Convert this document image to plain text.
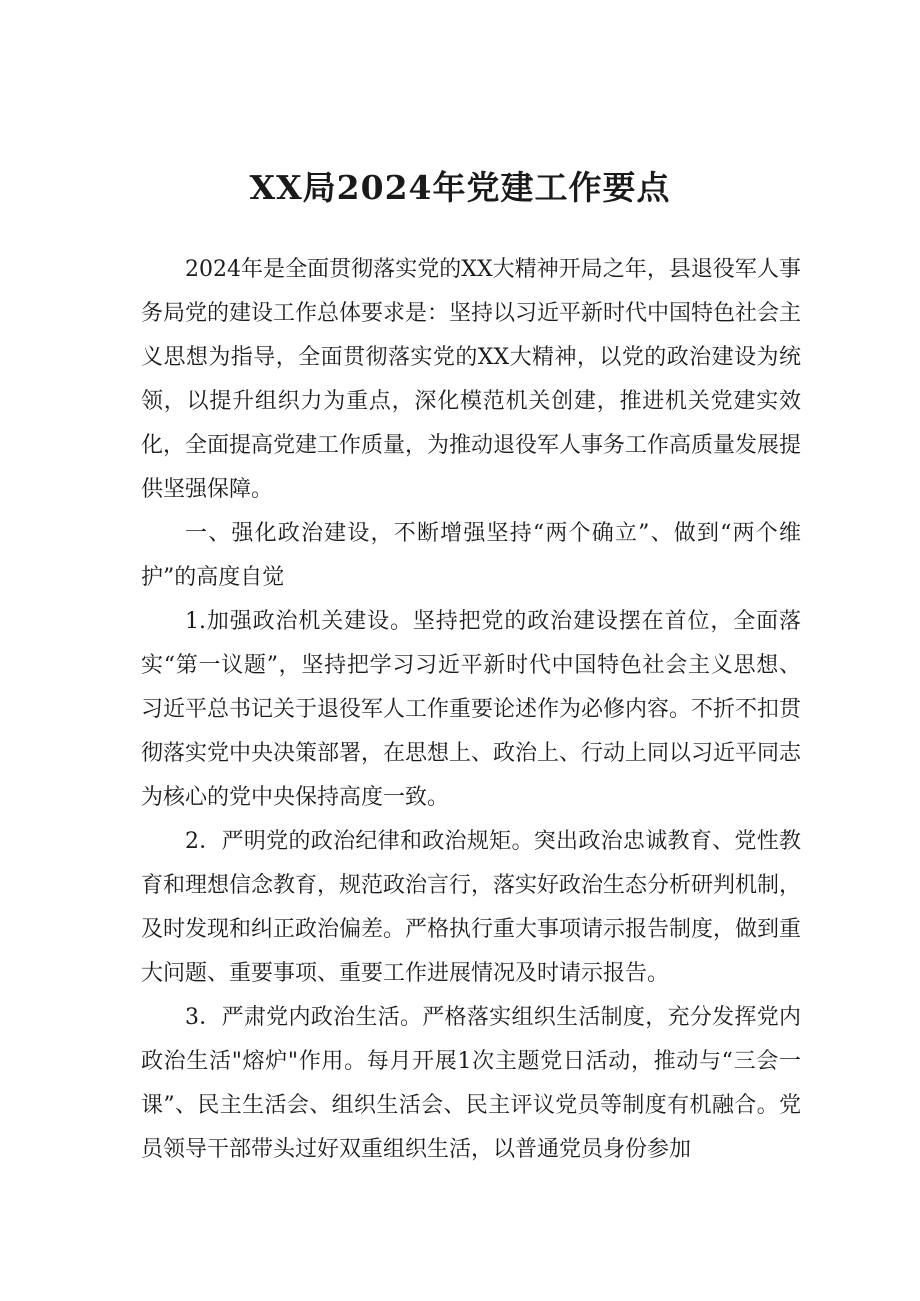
XX局2024年党建工作要点

2024年是全面贯彻落实党的XX大精神开局之年，县退役军人事务局党的建设工作总体要求是：坚持以习近平新时代中国特色社会主义思想为指导，全面贯彻落实党的XX大精神，以党的政治建设为统领，以提升组织力为重点，深化模范机关创建，推进机关党建实效化，全面提高党建工作质量，为推动退役军人事务工作高质量发展提供坚强保障。

一、强化政治建设，不断增强坚持“两个确立”、做到“两个维护”的高度自觉

1.加强政治机关建设。坚持把党的政治建设摆在首位，全面落实“第一议题”，坚持把学习习近平新时代中国特色社会主义思想、习近平总书记关于退役军人工作重要论述作为必修内容。不折不扣贯彻落实党中央决策部署，在思想上、政治上、行动上同以习近平同志为核心的党中央保持高度一致。

2．严明党的政治纪律和政治规矩。突出政治忠诚教育、党性教育和理想信念教育，规范政治言行，落实好政治生态分析研判机制，及时发现和纠正政治偏差。严格执行重大事项请示报告制度，做到重大问题、重要事项、重要工作进展情况及时请示报告。

3．严肃党内政治生活。严格落实组织生活制度，充分发挥党内政治生活"熔炉"作用。每月开展1次主题党日活动，推动与“三会一课”、民主生活会、组织生活会、民主评议党员等制度有机融合。党员领导干部带头过好双重组织生活，以普通党员身份参加
